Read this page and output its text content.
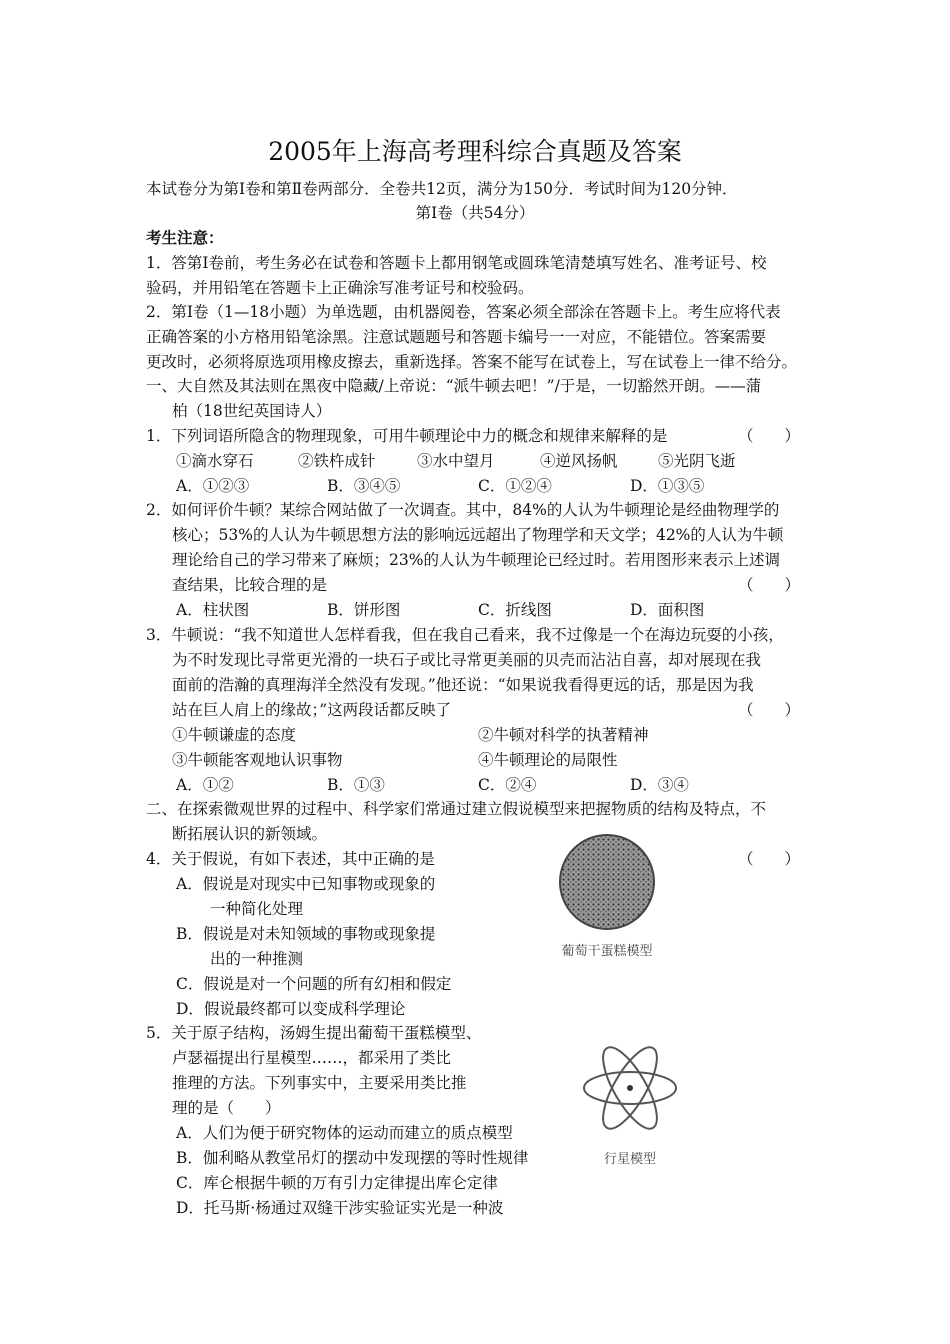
2005年上海高考理科综合真题及答案
本试卷分为第Ⅰ卷和第Ⅱ卷两部分．全卷共12页，满分为150分．考试时间为120分钟．
第Ⅰ卷（共54分）
考生注意：
1．答第Ⅰ卷前，考生务必在试卷和答题卡上都用钢笔或圆珠笔清楚填写姓名、准考证号、校
验码，并用铅笔在答题卡上正确涂写准考证号和校验码。
2．第Ⅰ卷（1—18小题）为单选题，由机器阅卷，答案必须全部涂在答题卡上。考生应将代表
正确答案的小方格用铅笔涂黑。注意试题题号和答题卡编号一一对应，不能错位。答案需要
更改时，必须将原选项用橡皮擦去，重新选择。答案不能写在试卷上，写在试卷上一律不给分。
一、大自然及其法则在黑夜中隐藏/上帝说：“派牛顿去吧！”/于是，一切豁然开朗。——蒲
柏（18世纪英国诗人）
1．下列词语所隐含的物理现象，可用牛顿理论中力的概念和规律来解释的是	（　　）
①滴水穿石	②铁杵成针	③水中望月	④逆风扬帆	⑤光阴飞逝
A．①②③	B．③④⑤	C．①②④	D．①③⑤
2．如何评价牛顿？某综合网站做了一次调查。其中，84%的人认为牛顿理论是经曲物理学的
核心；53%的人认为牛顿思想方法的影响远远超出了物理学和天文学；42%的人认为牛顿
理论给自己的学习带来了麻烦；23%的人认为牛顿理论已经过时。若用图形来表示上述调
查结果，比较合理的是	（　　）
A．柱状图	B．饼形图	C．折线图	D．面积图
3．牛顿说：“我不知道世人怎样看我，但在我自己看来，我不过像是一个在海边玩耍的小孩，
为不时发现比寻常更光滑的一块石子或比寻常更美丽的贝壳而沾沾自喜，却对展现在我
面前的浩瀚的真理海洋全然没有发现。”他还说：“如果说我看得更远的话，那是因为我
站在巨人肩上的缘故；”这两段话都反映了	（　　）
①牛顿谦虚的态度	②牛顿对科学的执著精神
③牛顿能客观地认识事物	④牛顿理论的局限性
A．①②	B．①③	C．②④	D．③④
二、在探索微观世界的过程中、科学家们常通过建立假说模型来把握物质的结构及特点，不
断拓展认识的新领域。
4．关于假说，有如下表述，其中正确的是	（　　）
A．假说是对现实中已知事物或现象的
一种简化处理
B．假说是对未知领域的事物或现象提
出的一种推测
C．假说是对一个问题的所有幻相和假定
D．假说最终都可以变成科学理论
5．关于原子结构，汤姆生提出葡萄干蛋糕模型、
卢瑟福提出行星模型……，都采用了类比
推理的方法。下列事实中，主要采用类比推
理的是（　　）
A．人们为便于研究物体的运动而建立的质点模型
B．伽利略从教堂吊灯的摆动中发现摆的等时性规律
C．库仑根据牛顿的万有引力定律提出库仑定律
D．托马斯·杨通过双缝干涉实验证实光是一种波
葡萄干蛋糕模型
行星模型
